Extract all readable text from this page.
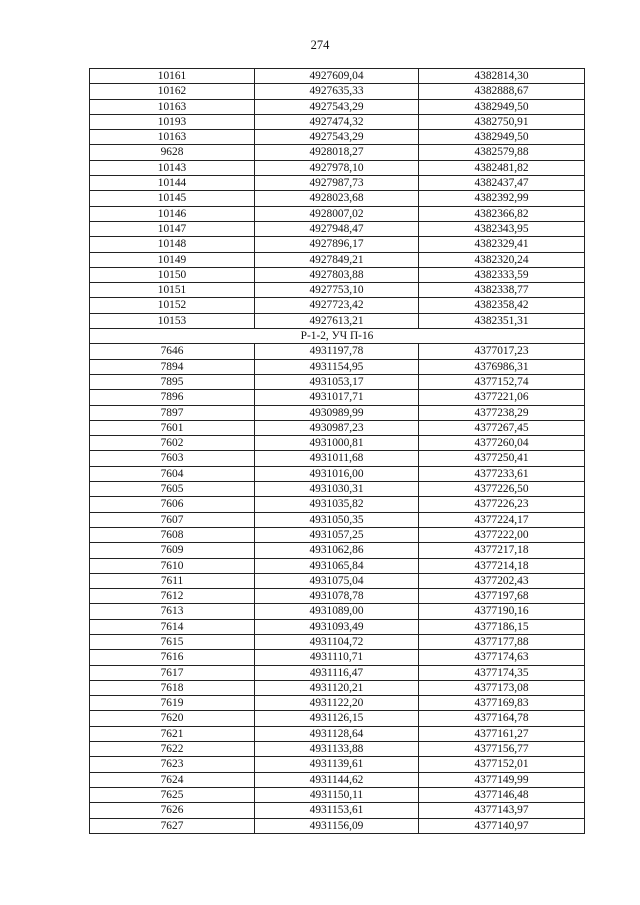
274
10161	4927609,04	4382814,30
10162	4927635,33	4382888,67
10163	4927543,29	4382949,50
10193	4927474,32	4382750,91
10163	4927543,29	4382949,50
9628	4928018,27	4382579,88
10143	4927978,10	4382481,82
10144	4927987,73	4382437,47
10145	4928023,68	4382392,99
10146	4928007,02	4382366,82
10147	4927948,47	4382343,95
10148	4927896,17	4382329,41
10149	4927849,21	4382320,24
10150	4927803,88	4382333,59
10151	4927753,10	4382338,77
10152	4927723,42	4382358,42
10153	4927613,21	4382351,31
Р-1-2, УЧ П-16		
7646	4931197,78	4377017,23
7894	4931154,95	4376986,31
7895	4931053,17	4377152,74
7896	4931017,71	4377221,06
7897	4930989,99	4377238,29
7601	4930987,23	4377267,45
7602	4931000,81	4377260,04
7603	4931011,68	4377250,41
7604	4931016,00	4377233,61
7605	4931030,31	4377226,50
7606	4931035,82	4377226,23
7607	4931050,35	4377224,17
7608	4931057,25	4377222,00
7609	4931062,86	4377217,18
7610	4931065,84	4377214,18
7611	4931075,04	4377202,43
7612	4931078,78	4377197,68
7613	4931089,00	4377190,16
7614	4931093,49	4377186,15
7615	4931104,72	4377177,88
7616	4931110,71	4377174,63
7617	4931116,47	4377174,35
7618	4931120,21	4377173,08
7619	4931122,20	4377169,83
7620	4931126,15	4377164,78
7621	4931128,64	4377161,27
7622	4931133,88	4377156,77
7623	4931139,61	4377152,01
7624	4931144,62	4377149,99
7625	4931150,11	4377146,48
7626	4931153,61	4377143,97
7627	4931156,09	4377140,97
